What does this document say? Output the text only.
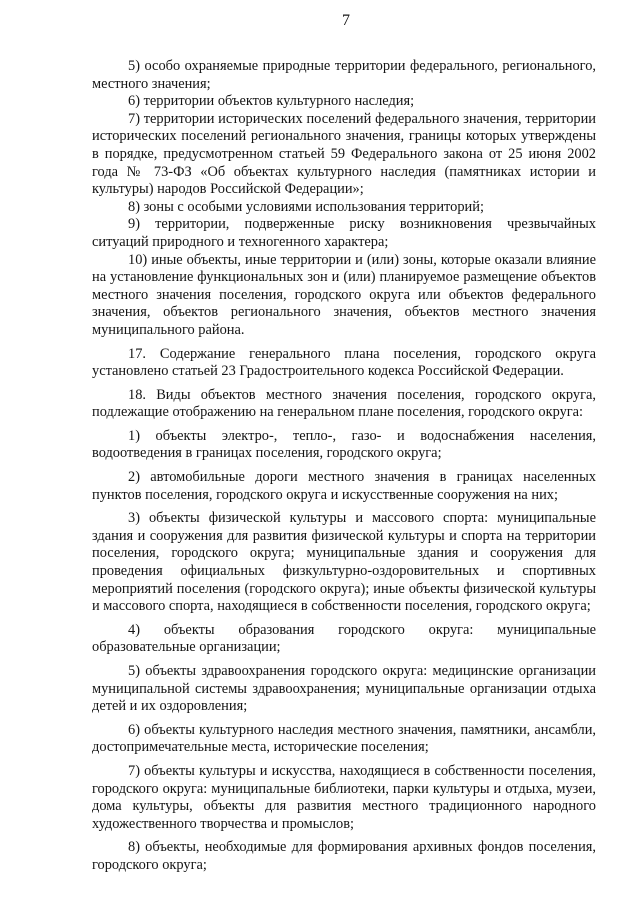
7

5) особо охраняемые природные территории федерального, регионального, местного значения;

6) территории объектов культурного наследия;

7) территории исторических поселений федерального значения, территории исторических поселений регионального значения, границы которых утверждены в порядке, предусмотренном статьей 59 Федерального закона от 25 июня 2002 года № 73-ФЗ «Об объектах культурного наследия (памятниках истории и культуры) народов Российской Федерации»;

8) зоны с особыми условиями использования территорий;

9) территории, подверженные риску возникновения чрезвычайных ситуаций природного и техногенного характера;

10) иные объекты, иные территории и (или) зоны, которые оказали влияние на установление функциональных зон и (или) планируемое размещение объектов местного значения поселения, городского округа или объектов федерального значения, объектов регионального значения, объектов местного значения муниципального района.

17. Содержание генерального плана поселения, городского округа установлено статьей 23 Градостроительного кодекса Российской Федерации.

18. Виды объектов местного значения поселения, городского округа, подлежащие отображению на генеральном плане поселения, городского округа:

1) объекты электро-, тепло-, газо- и водоснабжения населения, водоотведения в границах поселения, городского округа;

2) автомобильные дороги местного значения в границах населенных пунктов поселения, городского округа и искусственные сооружения на них;

3) объекты физической культуры и массового спорта: муниципальные здания и сооружения для развития физической культуры и спорта на территории поселения, городского округа; муниципальные здания и сооружения для проведения официальных физкультурно-оздоровительных и спортивных мероприятий поселения (городского округа); иные объекты физической культуры и массового спорта, находящиеся в собственности поселения, городского округа;

4) объекты образования городского округа: муниципальные образовательные организации;

5) объекты здравоохранения городского округа: медицинские организации муниципальной системы здравоохранения; муниципальные организации отдыха детей и их оздоровления;

6) объекты культурного наследия местного значения, памятники, ансамбли, достопримечательные места, исторические поселения;

7) объекты культуры и искусства, находящиеся в собственности поселения, городского округа: муниципальные библиотеки, парки культуры и отдыха, музеи, дома культуры, объекты для развития местного традиционного народного художественного творчества и промыслов;

8) объекты, необходимые для формирования архивных фондов поселения, городского округа;
